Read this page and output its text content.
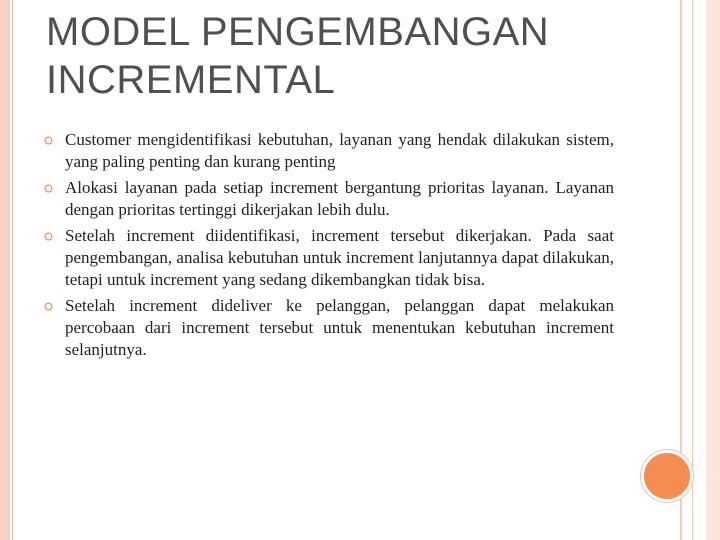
MODEL PENGEMBANGAN INCREMENTAL
Customer mengidentifikasi kebutuhan, layanan yang hendak dilakukan sistem, yang paling penting dan kurang penting
Alokasi layanan pada setiap increment bergantung prioritas layanan. Layanan dengan prioritas tertinggi dikerjakan lebih dulu.
Setelah increment diidentifikasi, increment tersebut dikerjakan. Pada saat pengembangan, analisa kebutuhan untuk increment lanjutannya dapat dilakukan, tetapi untuk increment yang sedang dikembangkan tidak bisa.
Setelah increment dideliver ke pelanggan, pelanggan dapat melakukan percobaan dari increment tersebut untuk menentukan kebutuhan increment selanjutnya.
